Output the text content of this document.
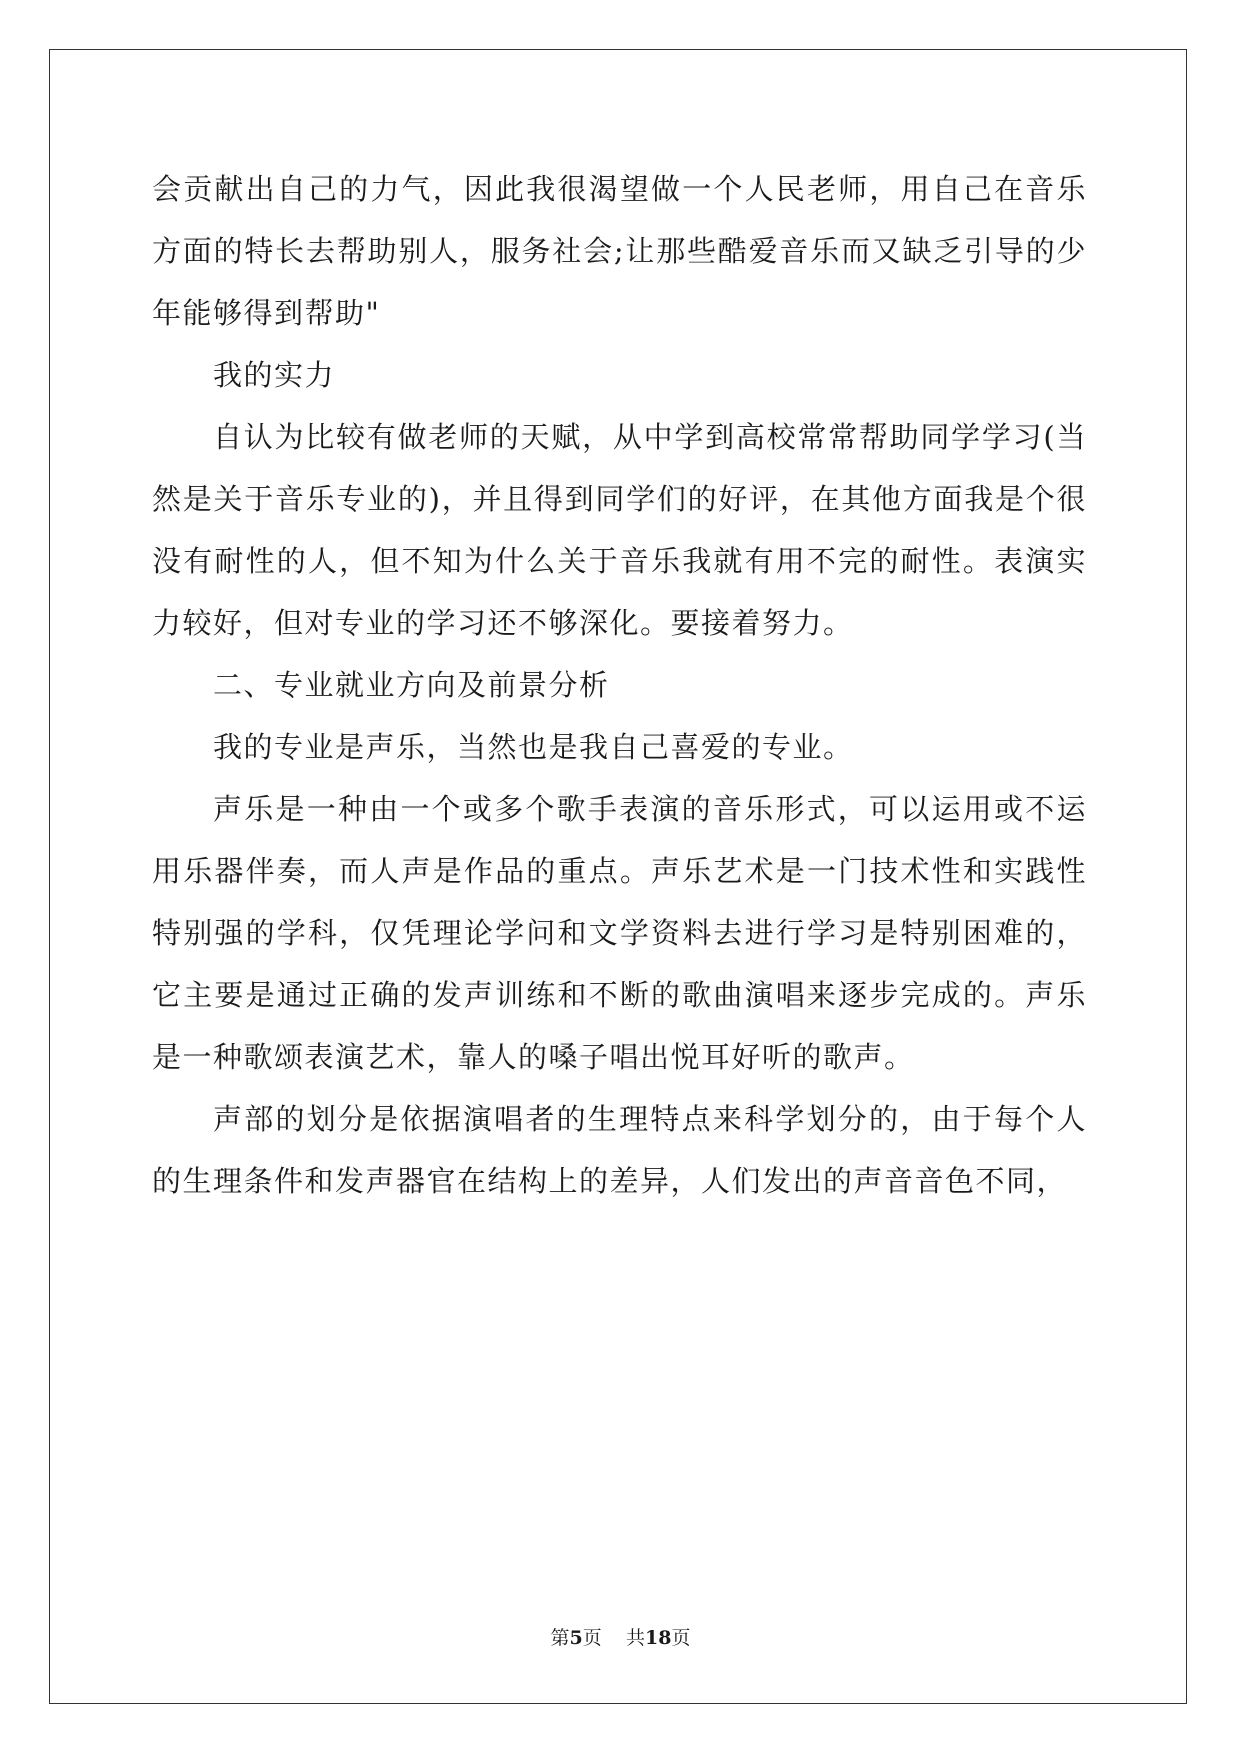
会贡献出自己的力气，因此我很渴望做一个人民老师，用自己在音乐方面的特长去帮助别人，服务社会;让那些酷爱音乐而又缺乏引导的少年能够得到帮助"

我的实力

自认为比较有做老师的天赋，从中学到高校常常帮助同学学习(当然是关于音乐专业的)，并且得到同学们的好评，在其他方面我是个很没有耐性的人，但不知为什么关于音乐我就有用不完的耐性。表演实力较好，但对专业的学习还不够深化。要接着努力。

二、专业就业方向及前景分析

我的专业是声乐，当然也是我自己喜爱的专业。

声乐是一种由一个或多个歌手表演的音乐形式，可以运用或不运用乐器伴奏，而人声是作品的重点。声乐艺术是一门技术性和实践性特别强的学科，仅凭理论学问和文学资料去进行学习是特别困难的，它主要是通过正确的发声训练和不断的歌曲演唱来逐步完成的。声乐是一种歌颂表演艺术，靠人的嗓子唱出悦耳好听的歌声。

声部的划分是依据演唱者的生理特点来科学划分的，由于每个人的生理条件和发声器官在结构上的差异，人们发出的声音音色不同，

第5页 共18页
